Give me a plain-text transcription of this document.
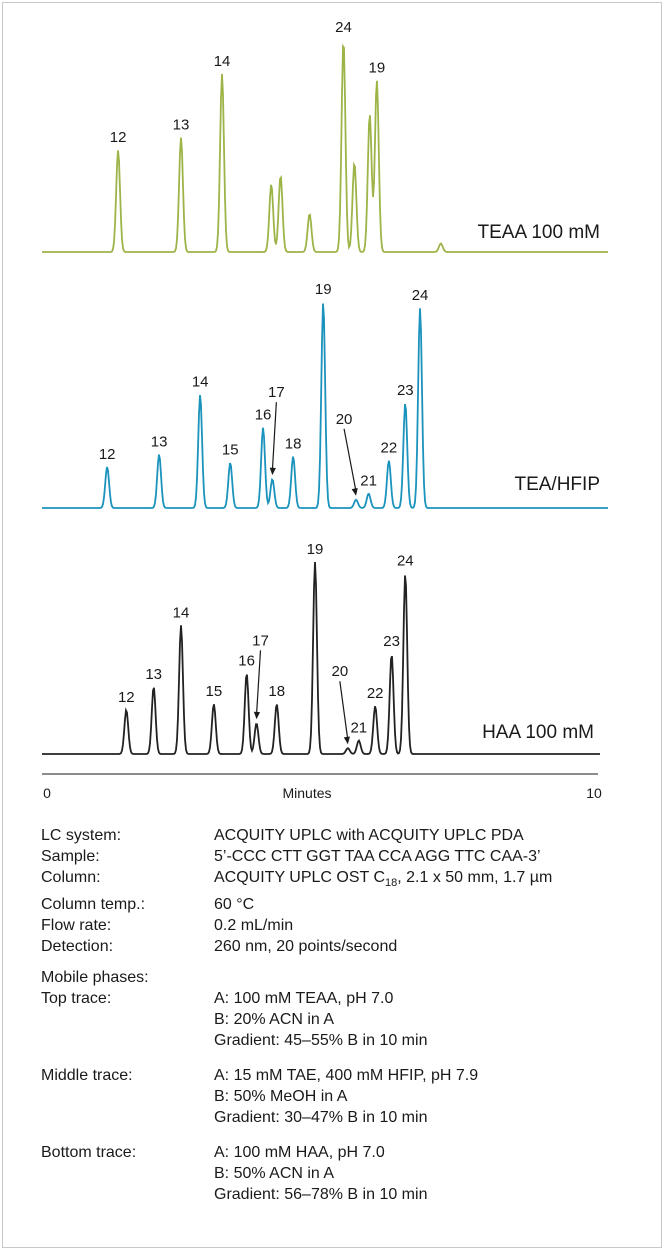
TEAA 100 mM
12
13
14
24
19
TEA/HFIP
12
13
14
15
16
17
18
19
20
21
22
23
24
HAA 100 mM
12
13
14
15
16
17
18
19
20
21
22
23
24
0	Minutes	10
LC system:	ACQUITY UPLC with ACQUITY UPLC PDA
Sample:	5’-CCC CTT GGT TAA CCA AGG TTC CAA-3’
Column:	ACQUITY UPLC OST $C_{18}$, 2.1 x 50 mm, 1.7 µm
Column temp.:	60 °C
Flow rate:	0.2 mL/min
Detection:	260 nm, 20 points/second
Mobile phases:
Top trace:	A: 100 mM TEAA, pH 7.0
B: 20% ACN in A
Gradient: 45–55% B in 10 min
Middle trace:	A: 15 mM TAE, 400 mM HFIP, pH 7.9
B: 50% MeOH in A
Gradient: 30–47% B in 10 min
Bottom trace:	A: 100 mM HAA, pH 7.0
B: 50% ACN in A
Gradient: 56–78% B in 10 min
